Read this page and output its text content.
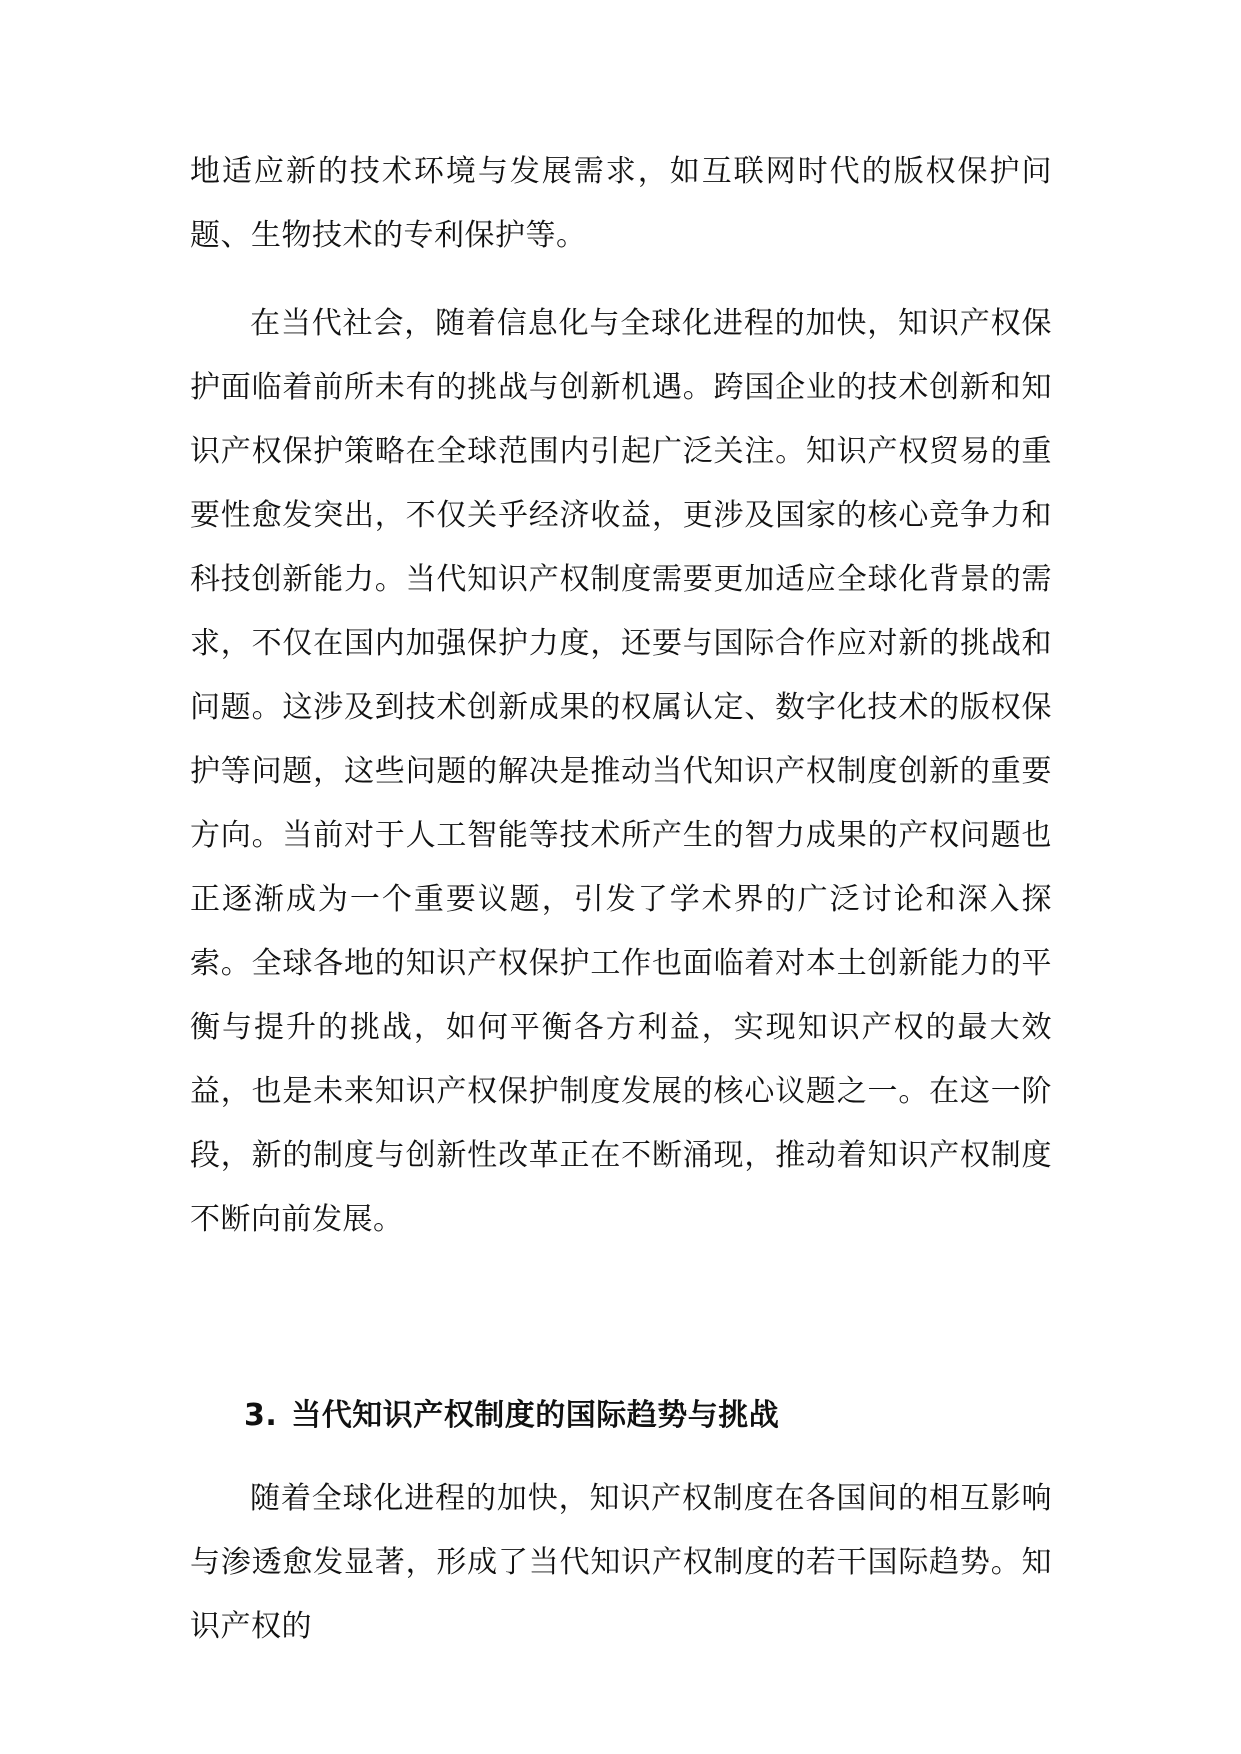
地适应新的技术环境与发展需求，如互联网时代的版权保护问题、生物技术的专利保护等。

在当代社会，随着信息化与全球化进程的加快，知识产权保护面临着前所未有的挑战与创新机遇。跨国企业的技术创新和知识产权保护策略在全球范围内引起广泛关注。知识产权贸易的重要性愈发突出，不仅关乎经济收益，更涉及国家的核心竞争力和科技创新能力。当代知识产权制度需要更加适应全球化背景的需求，不仅在国内加强保护力度，还要与国际合作应对新的挑战和问题。这涉及到技术创新成果的权属认定、数字化技术的版权保护等问题，这些问题的解决是推动当代知识产权制度创新的重要方向。当前对于人工智能等技术所产生的智力成果的产权问题也正逐渐成为一个重要议题，引发了学术界的广泛讨论和深入探索。全球各地的知识产权保护工作也面临着对本土创新能力的平衡与提升的挑战，如何平衡各方利益，实现知识产权的最大效益，也是未来知识产权保护制度发展的核心议题之一。在这一阶段，新的制度与创新性改革正在不断涌现，推动着知识产权制度不断向前发展。

3. 当代知识产权制度的国际趋势与挑战

随着全球化进程的加快，知识产权制度在各国间的相互影响与渗透愈发显著，形成了当代知识产权制度的若干国际趋势。知识产权的
